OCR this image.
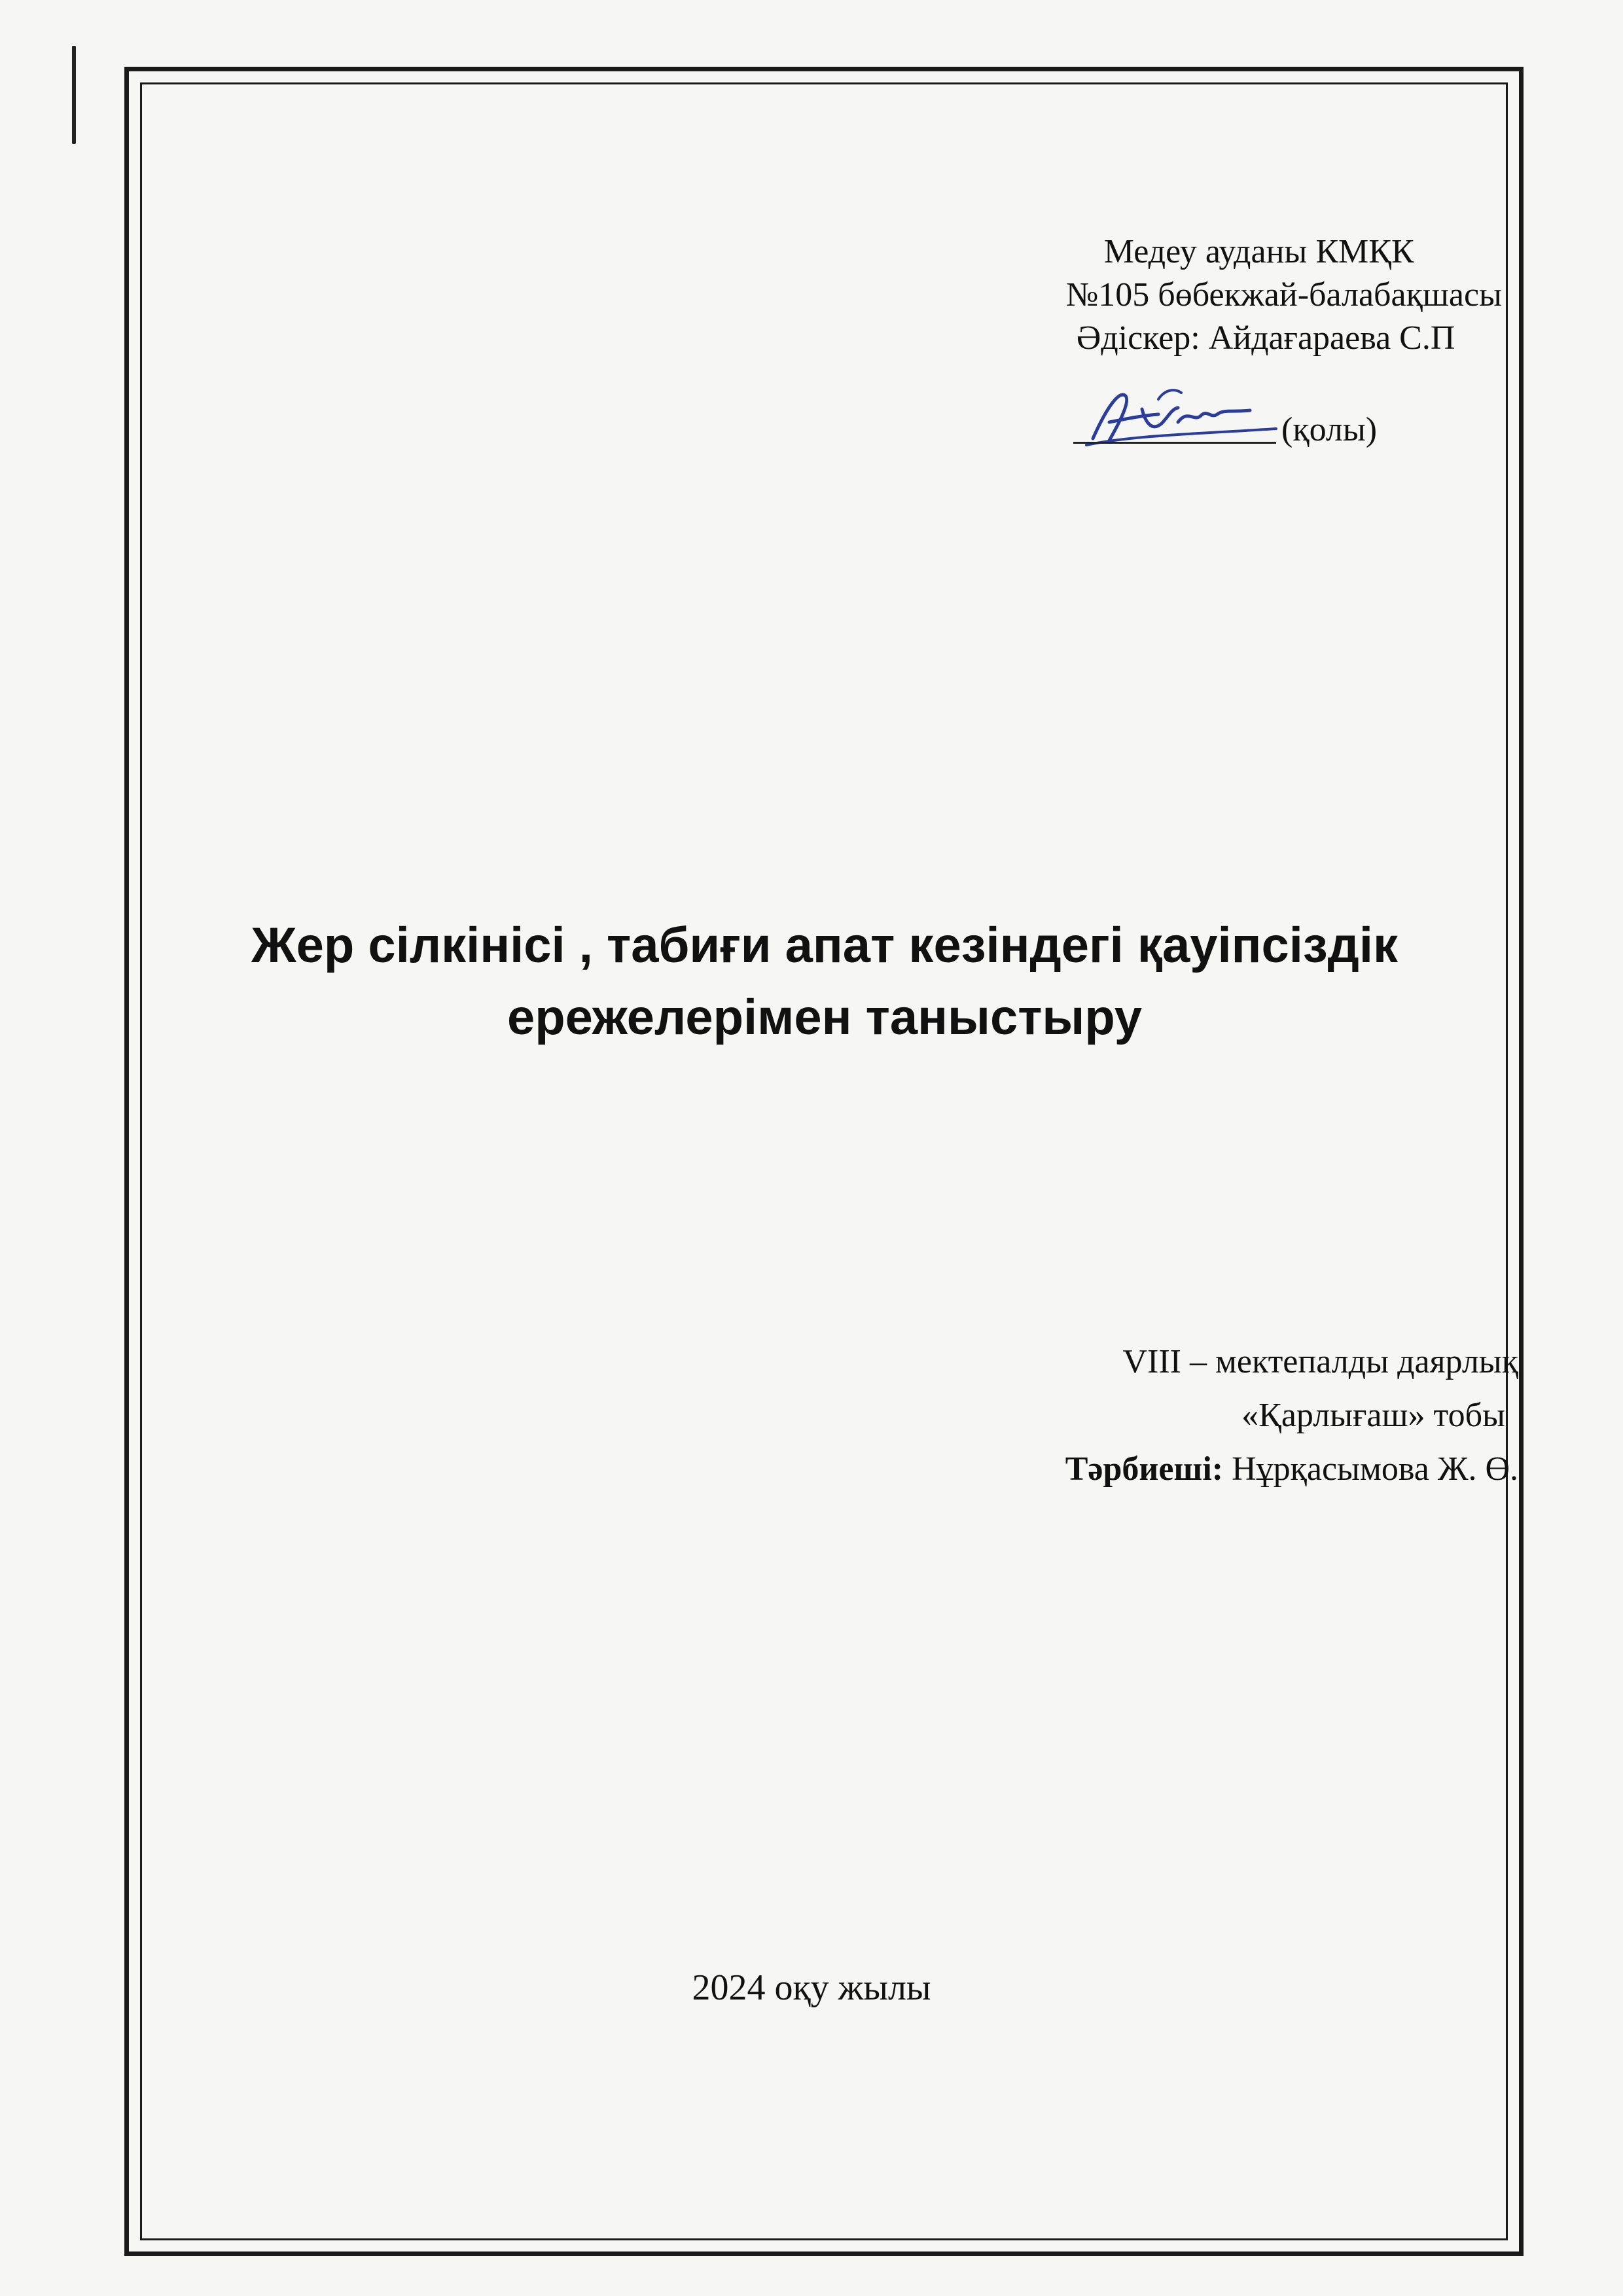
Медеу ауданы КМҚК
№105 бөбекжай-балабақшасы
Әдіскер: Айдағараева С.П
(қолы)
Жер сілкінісі , табиғи апат кезіндегі қауіпсіздік
ережелерімен таныстыру
VIII – мектепалды даярлық
«Қарлығаш» тобы
Тәрбиеші: Нұрқасымова Ж. Ө.
2024 оқу жылы
